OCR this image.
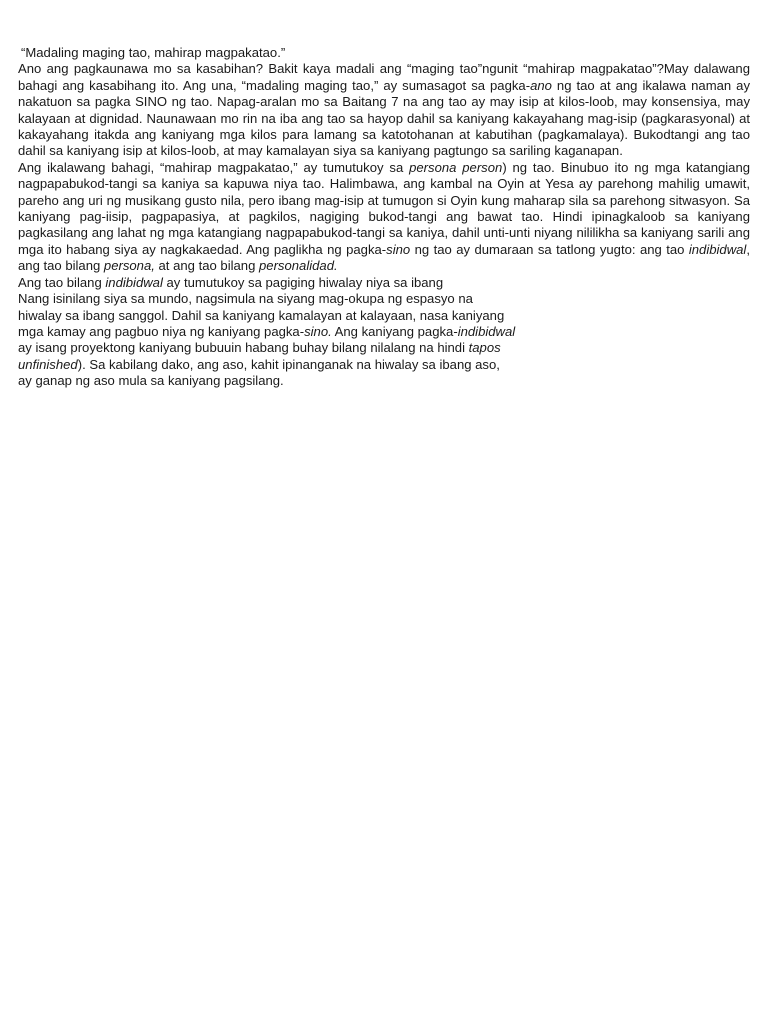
“Madaling maging tao, mahirap magpakatao.”
Ano ang pagkaunawa mo sa kasabihan? Bakit kaya madali ang “maging tao”ngunit “mahirap magpakatao”?May dalawang bahagi ang kasabihang ito. Ang una, “madaling maging tao,” ay sumasagot sa pagka-ano ng tao at ang ikalawa naman ay nakatuon sa pagka SINO ng tao. Napag-aralan mo sa Baitang 7 na ang tao ay may isip at kilos-loob, may konsensiya, may kalayaan at dignidad. Naunawaan mo rin na iba ang tao sa hayop dahil sa kaniyang kakayahang mag-isip (pagkarasyonal) at kakayahang itakda ang kaniyang mga kilos para lamang sa katotohanan at kabutihan (pagkamalaya). Bukodtangi ang tao dahil sa kaniyang isip at kilos-loob, at may kamalayan siya sa kaniyang pagtungo sa sariling kaganapan.
Ang ikalawang bahagi, “mahirap magpakatao,” ay tumutukoy sa persona person) ng tao. Binubuo ito ng mga katangiang nagpapabukod-tangi sa kaniya sa kapuwa niya tao. Halimbawa, ang kambal na Oyin at Yesa ay parehong mahilig umawit, pareho ang uri ng musikang gusto nila, pero ibang mag-isip at tumugon si Oyin kung maharap sila sa parehong sitwasyon. Sa kaniyang pag-iisip, pagpapasiya, at pagkilos, nagiging bukod-tangi ang bawat tao. Hindi ipinagkaloob sa kaniyang pagkasilang ang lahat ng mga katangiang nagpapabukod-tangi sa kaniya, dahil unti-unti niyang nililikha sa kaniyang sarili ang mga ito habang siya ay nagkakaedad. Ang paglikha ng pagka-sino ng tao ay dumaraan sa tatlong yugto: ang tao indibidwal, ang tao bilang persona, at ang tao bilang personalidad.
Ang tao bilang indibidwal ay tumutukoy sa pagiging hiwalay niya sa ibang
Nang isinilang siya sa mundo, nagsimula na siyang mag-okupa ng espasyo na
hiwalay sa ibang sanggol. Dahil sa kaniyang kamalayan at kalayaan, nasa kaniyang
mga kamay ang pagbuo niya ng kaniyang pagka-sino. Ang kaniyang pagka-indibidwal
ay isang proyektong kaniyang bubuuin habang buhay bilang nilalang na hindi tapos
unfinished). Sa kabilang dako, ang aso, kahit ipinanganak na hiwalay sa ibang aso,
ay ganap ng aso mula sa kaniyang pagsilang.
